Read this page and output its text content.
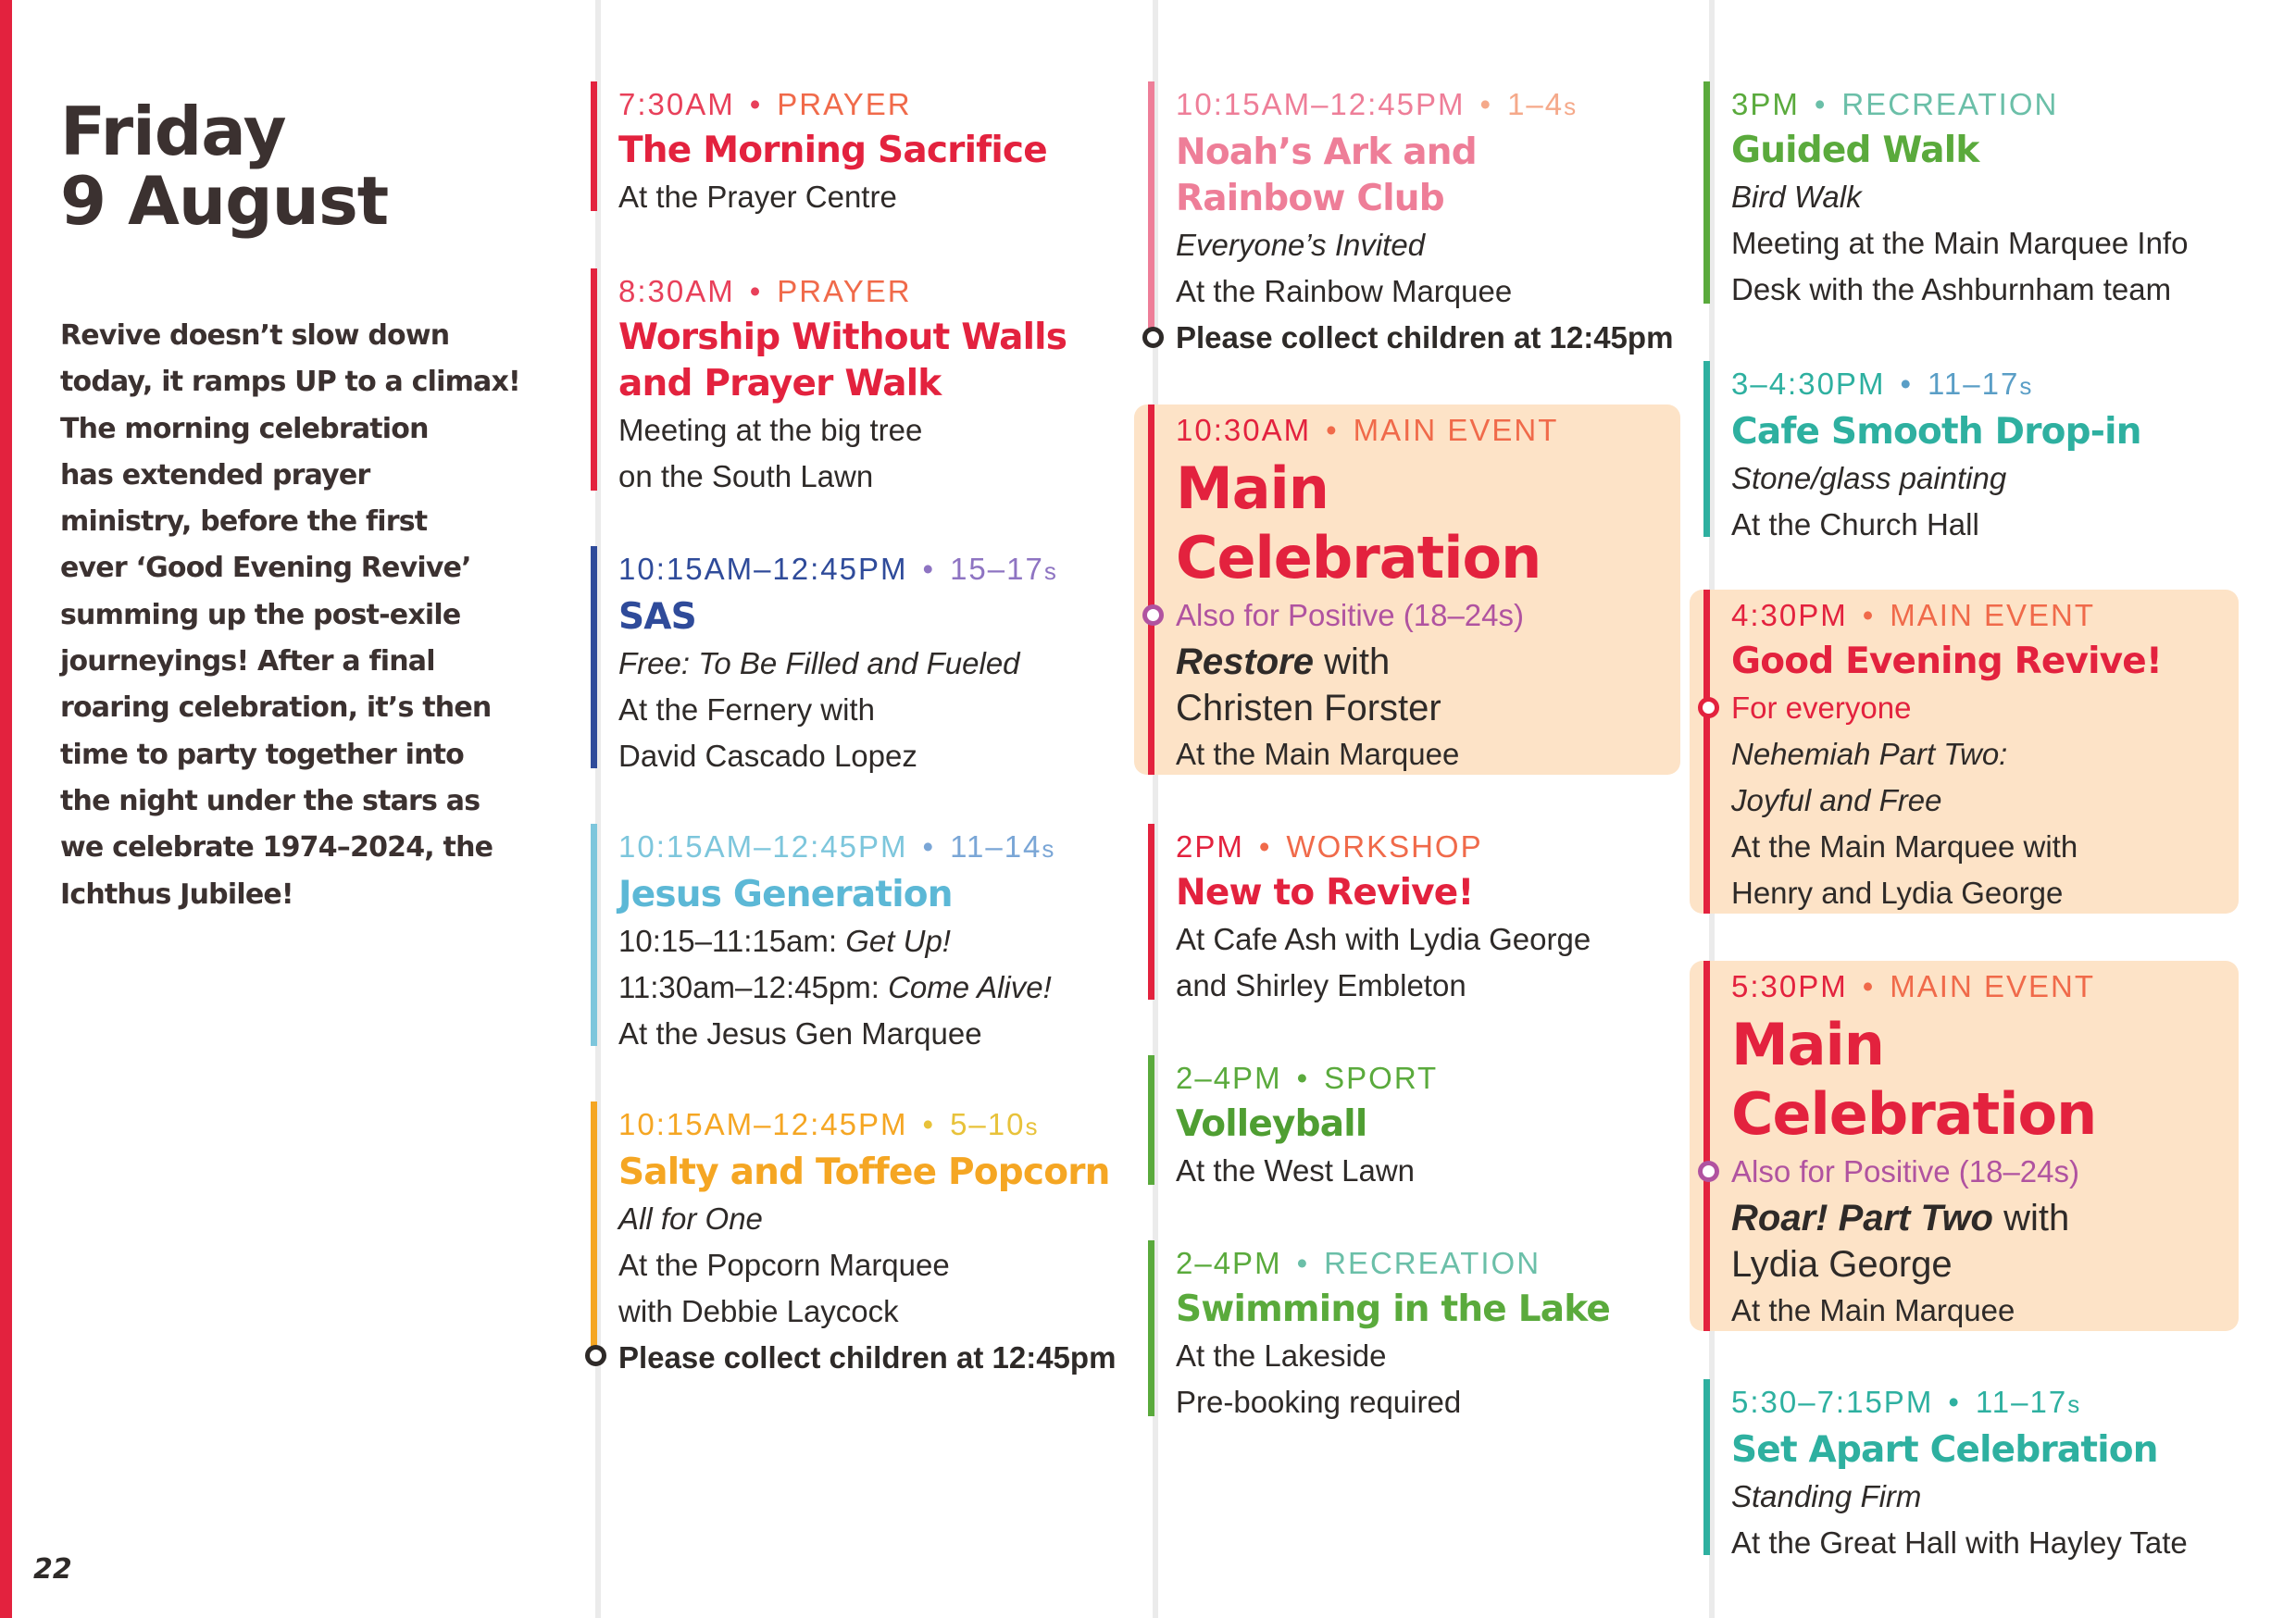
Friday
9 August
Revive doesn’t slow down
today, it ramps UP to a climax!
The morning celebration
has extended prayer
ministry, before the first
ever ‘Good Evening Revive’
summing up the post-exile
journeyings! After a final
roaring celebration, it’s then
time to party together into
the night under the stars as
we celebrate 1974–2024, the
Ichthus Jubilee!
22
7:30AM • PRAYER
The Morning Sacrifice
At the Prayer Centre
8:30AM • PRAYER
Worship Without Walls
and Prayer Walk
Meeting at the big tree
on the South Lawn
10:15AM–12:45PM • 15–17s
SAS
Free: To Be Filled and Fueled
At the Fernery with
David Cascado Lopez
10:15AM–12:45PM • 11–14s
Jesus Generation
10:15–11:15am: Get Up!
11:30am–12:45pm: Come Alive!
At the Jesus Gen Marquee
10:15AM–12:45PM • 5–10s
Salty and Toffee Popcorn
All for One
At the Popcorn Marquee
with Debbie Laycock
Please collect children at 12:45pm
10:15AM–12:45PM • 1–4s
Noah’s Ark and
Rainbow Club
Everyone’s Invited
At the Rainbow Marquee
Please collect children at 12:45pm
10:30AM • MAIN EVENT
Main
Celebration
Also for Positive (18–24s)
Restore with
Christen Forster
At the Main Marquee
2PM • WORKSHOP
New to Revive!
At Cafe Ash with Lydia George
and Shirley Embleton
2–4PM • SPORT
Volleyball
At the West Lawn
2–4PM • RECREATION
Swimming in the Lake
At the Lakeside
Pre-booking required
3PM • RECREATION
Guided Walk
Bird Walk
Meeting at the Main Marquee Info
Desk with the Ashburnham team
3–4:30PM • 11–17s
Cafe Smooth Drop-in
Stone/glass painting
At the Church Hall
4:30PM • MAIN EVENT
Good Evening Revive!
For everyone
Nehemiah Part Two:
Joyful and Free
At the Main Marquee with
Henry and Lydia George
5:30PM • MAIN EVENT
Main
Celebration
Also for Positive (18–24s)
Roar! Part Two with
Lydia George
At the Main Marquee
5:30–7:15PM • 11–17s
Set Apart Celebration
Standing Firm
At the Great Hall with Hayley Tate
